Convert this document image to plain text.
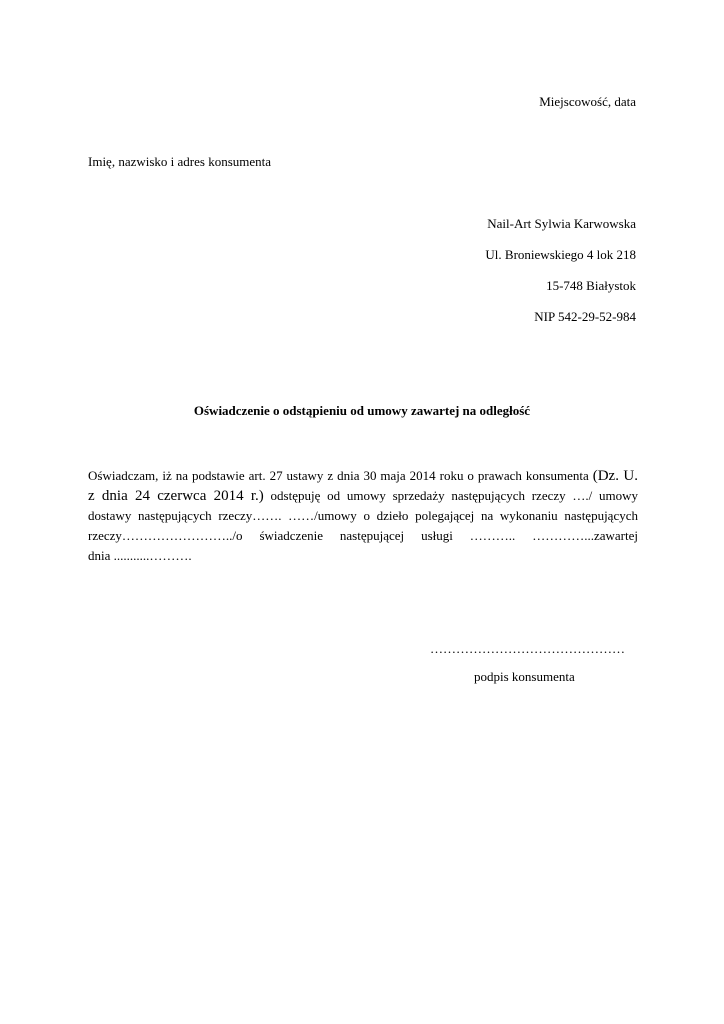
Miejscowość, data
Imię, nazwisko i adres konsumenta
Nail-Art Sylwia Karwowska
Ul. Broniewskiego 4 lok 218
15-748 Białystok
NIP 542-29-52-984
Oświadczenie o odstąpieniu od umowy zawartej na odległość
Oświadczam, iż na podstawie art. 27 ustawy z dnia 30 maja 2014 roku o prawach konsumenta (Dz. U.
z dnia 24 czerwca 2014 r.) odstępuję od umowy sprzedaży następujących rzeczy …./ umowy
dostawy następujących rzeczy……. ……/umowy o dzieło polegającej na wykonaniu następujących
rzeczy……………………../o świadczenie następującej usługi ……….. …………...zawartej
dnia ...........……….
………………………………………
podpis konsumenta
